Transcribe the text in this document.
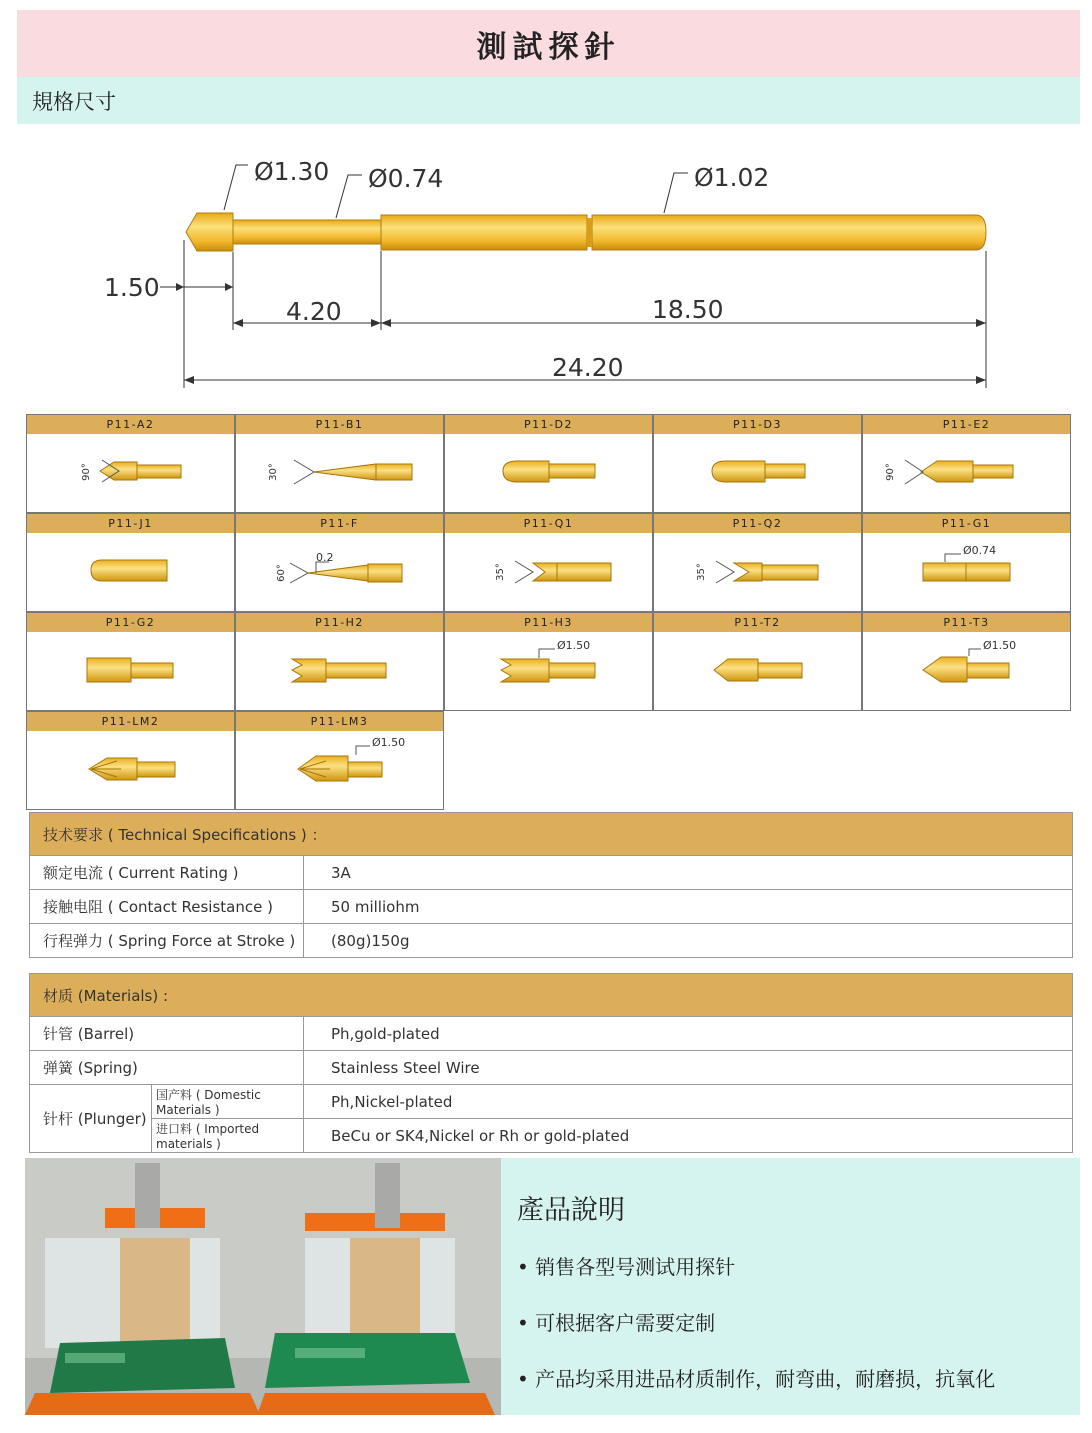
測試探針
規格尺寸
Ø1.30 Ø0.74	Ø1.02
1.50
4.20	18.50
24.20
P11-A2
90°
P11-B1
30°
P11-D2	P11-D3	P11-E2
90°
P11-J1	P11-F
60°
0.2
P11-Q1
35°
P11-Q2
35°
P11-G1
Ø0.74
P11-G2	P11-H2	P11-H3
Ø1.50
P11-T2	P11-T3
Ø1.50
P11-LM2	P11-LM3
Ø1.50
技术要求 ( Technical Specifications ) ：	
额定电流 ( Current Rating )	3A
接触电阻 ( Contact Resistance )	50 milliohm
行程弹力 ( Spring Force at Stroke )	(80g)150g
材质 (Materials) :		
针管 (Barrel)		Ph,gold-plated
弹簧 (Spring)		Stainless Steel Wire
针杆 (Plunger)	国产料 ( Domestic Materials )	Ph,Nickel-plated
	进口料 ( Imported materials )	BeCu or SK4,Nickel or Rh or gold-plated
產品說明
• 销售各型号测试用探针
• 可根据客户需要定制
• 产品均采用进品材质制作，耐弯曲，耐磨损，抗氧化
